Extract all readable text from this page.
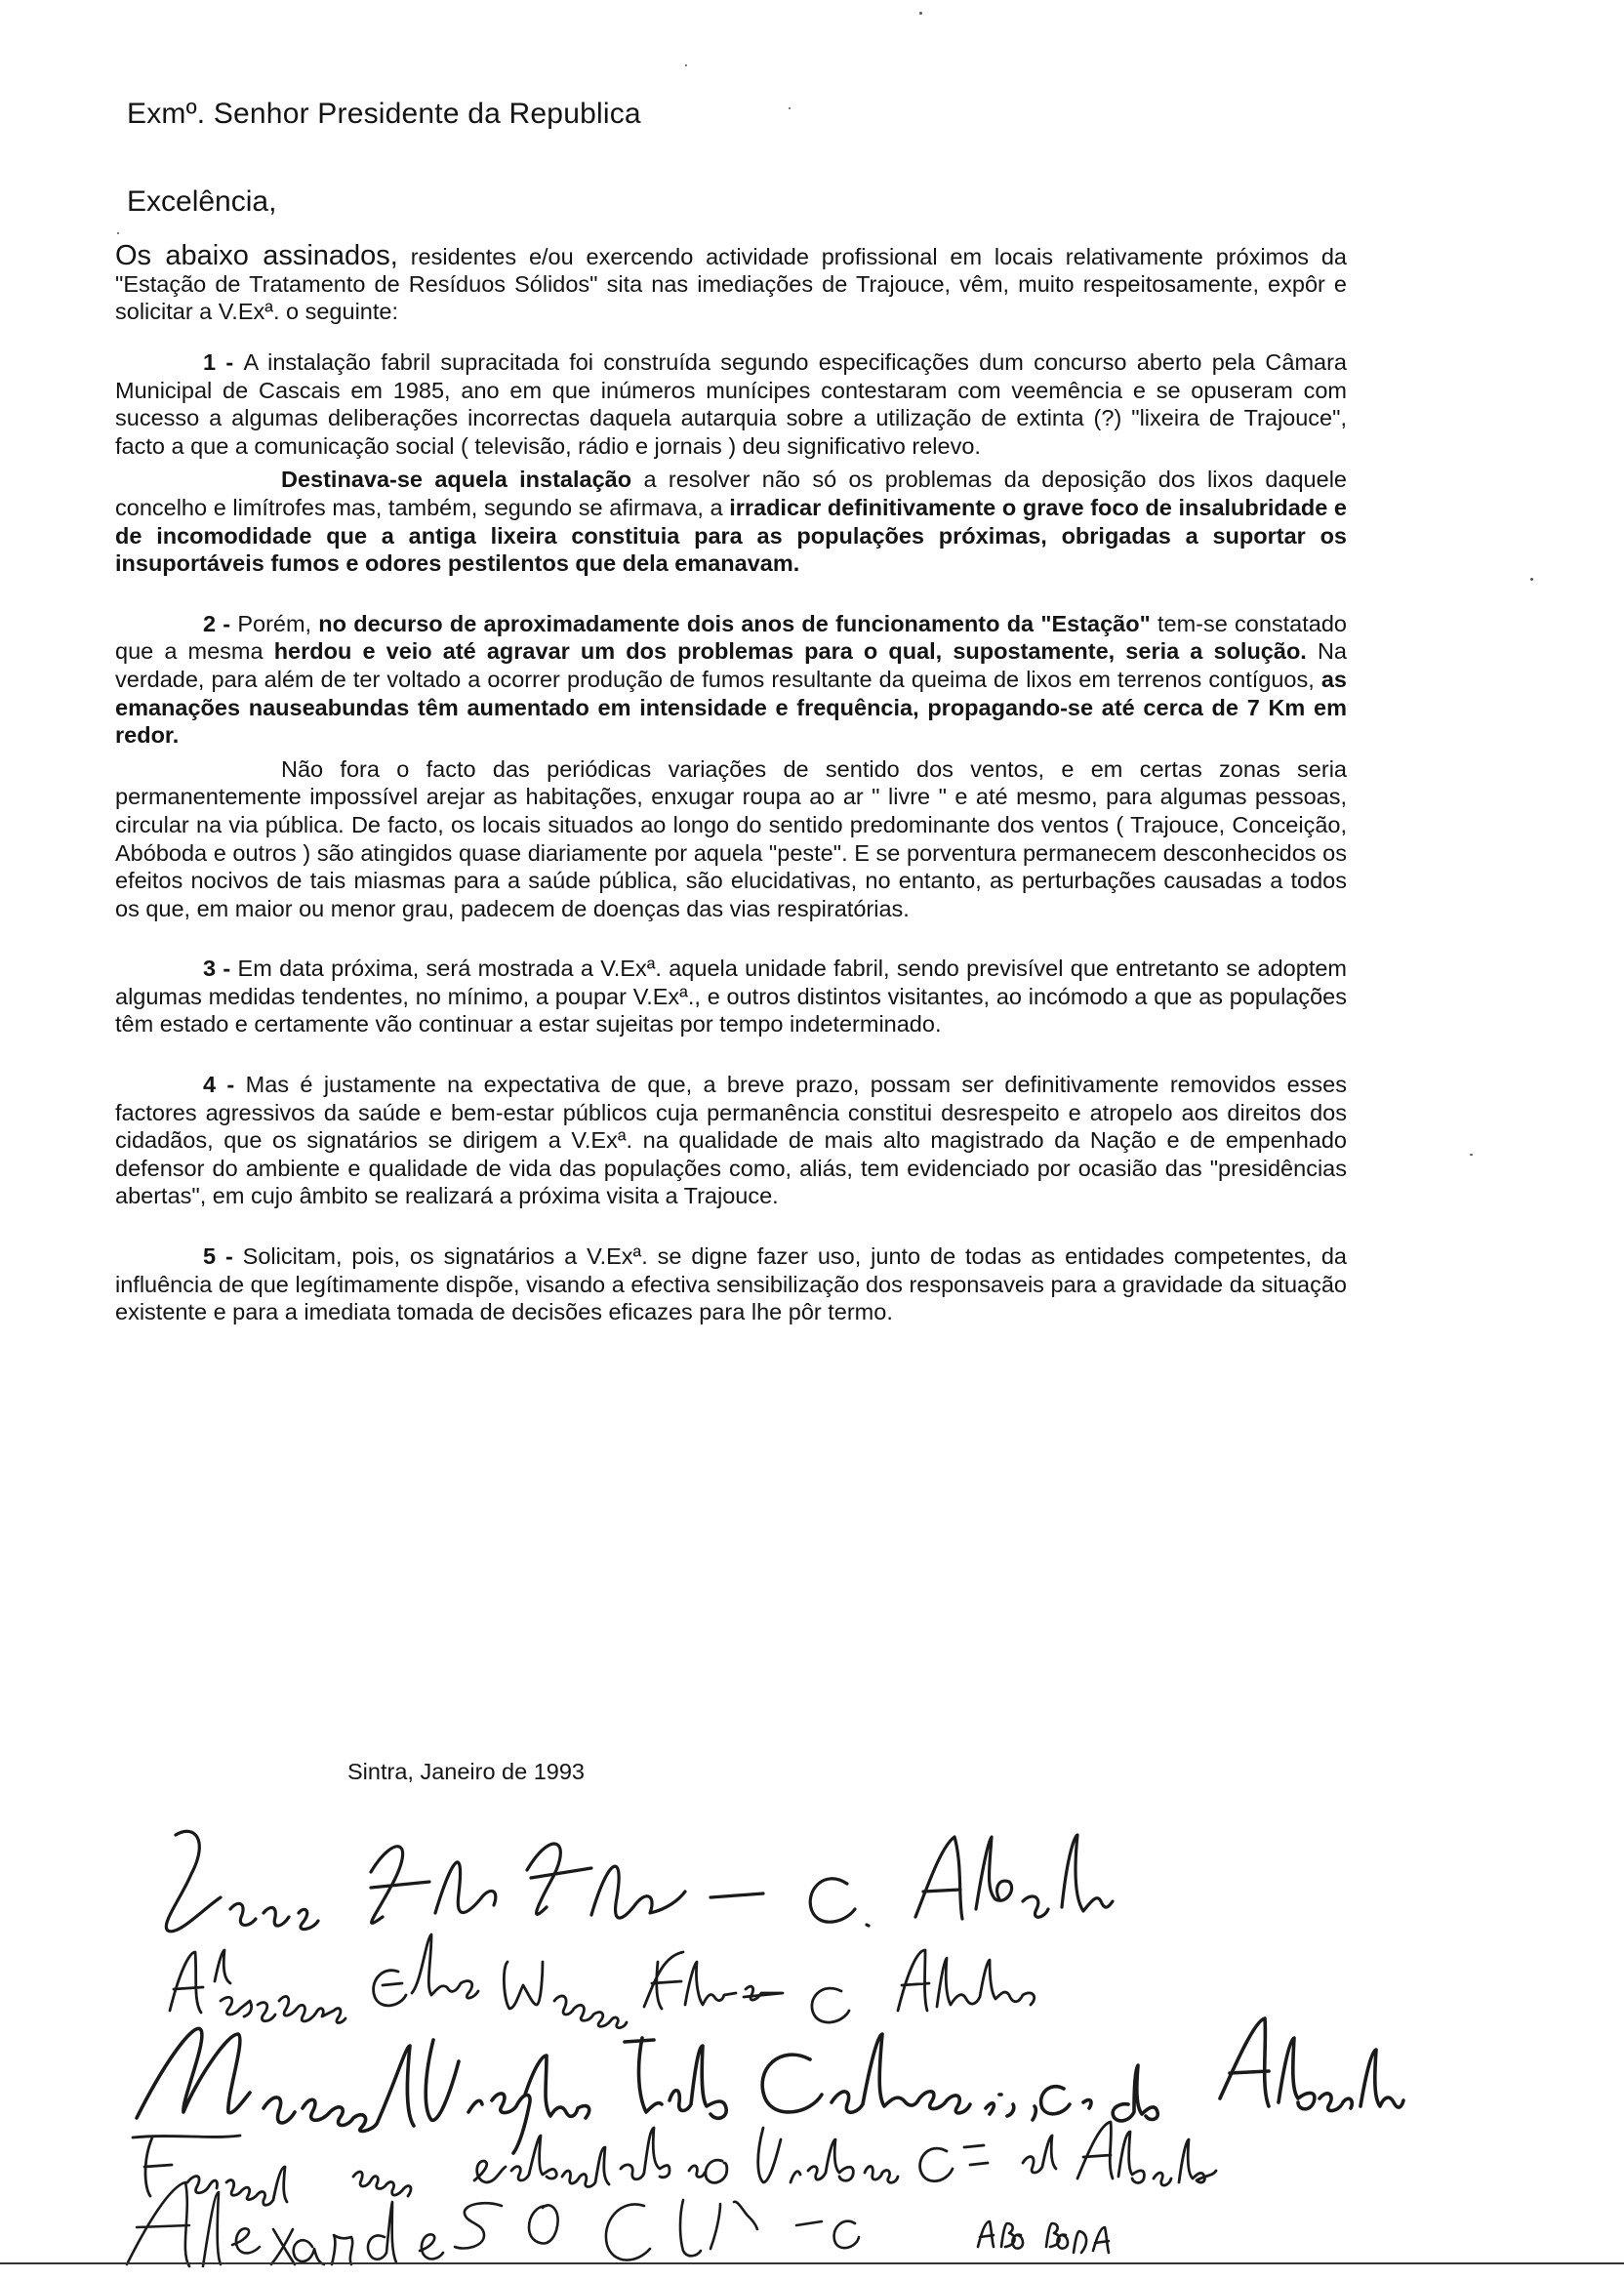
Exmº. Senhor Presidente da Republica
Excelência,
Os abaixo assinados, residentes e/ou exercendo actividade profissional em locais relativamente próximos da "Estação de Tratamento de Resíduos Sólidos" sita nas imediações de Trajouce, vêm, muito respeitosamente, expôr e solicitar a V.Exª. o seguinte:

1 - A instalação fabril supracitada foi construída segundo especificações dum concurso aberto pela Câmara Municipal de Cascais em 1985, ano em que inúmeros munícipes contestaram com veemência e se opuseram com sucesso a algumas deliberações incorrectas daquela autarquia sobre a utilização de extinta (?) "lixeira de Trajouce", facto a que a comunicação social ( televisão, rádio e jornais ) deu significativo relevo.

Destinava-se aquela instalação a resolver não só os problemas da deposição dos lixos daquele concelho e limítrofes mas, também, segundo se afirmava, a irradicar definitivamente o grave foco de insalubridade e de incomodidade que a antiga lixeira constituia para as populações próximas, obrigadas a suportar os insuportáveis fumos e odores pestilentos que dela emanavam.

2 - Porém, no decurso de aproximadamente dois anos de funcionamento da "Estação" tem-se constatado que a mesma herdou e veio até agravar um dos problemas para o qual, supostamente, seria a solução. Na verdade, para além de ter voltado a ocorrer produção de fumos resultante da queima de lixos em terrenos contíguos, as emanações nauseabundas têm aumentado em intensidade e frequência, propagando-se até cerca de 7 Km em redor.

Não fora o facto das periódicas variações de sentido dos ventos, e em certas zonas seria permanentemente impossível arejar as habitações, enxugar roupa ao ar " livre " e até mesmo, para algumas pessoas, circular na via pública. De facto, os locais situados ao longo do sentido predominante dos ventos ( Trajouce, Conceição, Abóboda e outros ) são atingidos quase diariamente por aquela "peste". E se porventura permanecem desconhecidos os efeitos nocivos de tais miasmas para a saúde pública, são elucidativas, no entanto, as perturbações causadas a todos os que, em maior ou menor grau, padecem de doenças das vias respiratórias.

3 - Em data próxima, será mostrada a V.Exª. aquela unidade fabril, sendo previsível que entretanto se adoptem algumas medidas tendentes, no mínimo, a poupar V.Exª., e outros distintos visitantes, ao incómodo a que as populações têm estado e certamente vão continuar a estar sujeitas por tempo indeterminado.

4 - Mas é justamente na expectativa de que, a breve prazo, possam ser definitivamente removidos esses factores agressivos da saúde e bem-estar públicos cuja permanência constitui desrespeito e atropelo aos direitos dos cidadãos, que os signatários se dirigem a V.Exª. na qualidade de mais alto magistrado da Nação e de empenhado defensor do ambiente e qualidade de vida das populações como, aliás, tem evidenciado por ocasião das "presidências abertas", em cujo âmbito se realizará a próxima visita a Trajouce.

5 - Solicitam, pois, os signatários a V.Exª. se digne fazer uso, junto de todas as entidades competentes, da influência de que legítimamente dispõe, visando a efectiva sensibilização dos responsaveis para a gravidade da situação existente e para a imediata tomada de decisões eficazes para lhe pôr termo.

Sintra, Janeiro de 1993
